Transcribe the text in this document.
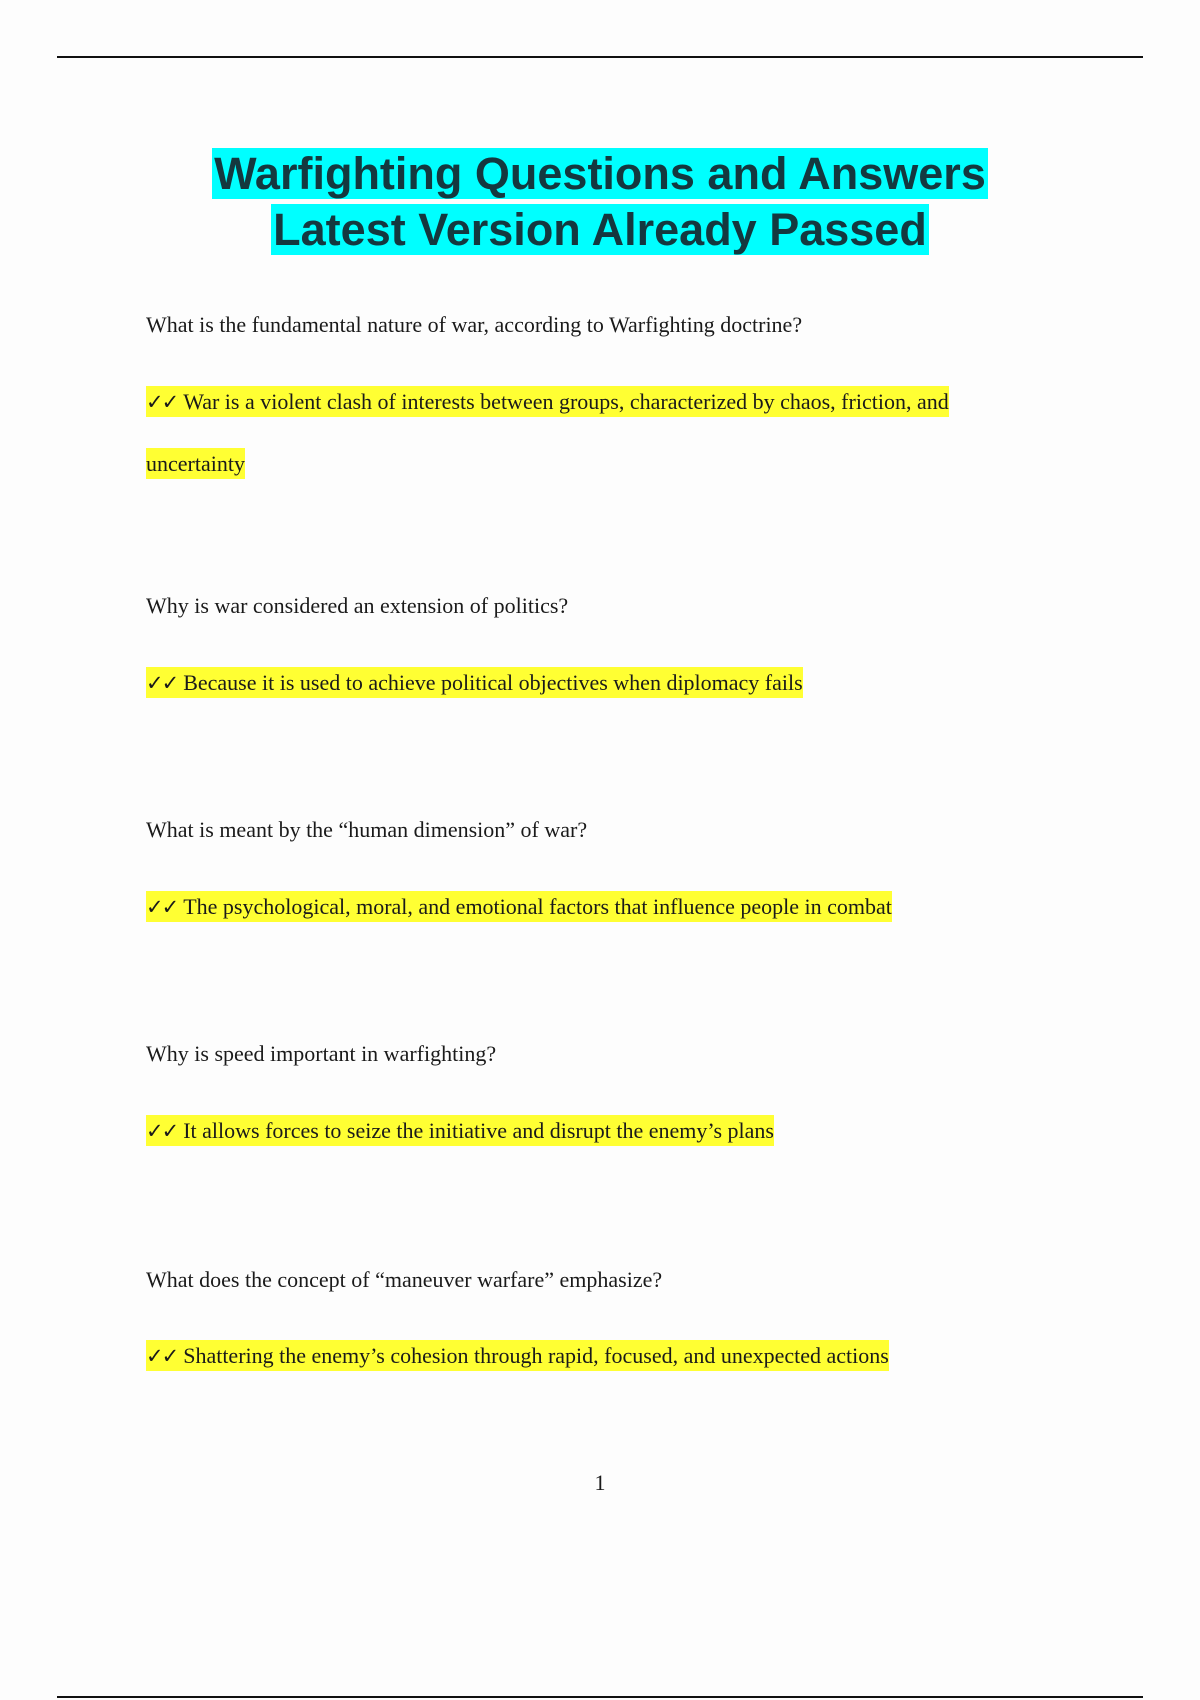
Warfighting Questions and Answers
Latest Version Already Passed
What is the fundamental nature of war, according to Warfighting doctrine?
✓✓ War is a violent clash of interests between groups, characterized by chaos, friction, and uncertainty
Why is war considered an extension of politics?
✓✓ Because it is used to achieve political objectives when diplomacy fails
What is meant by the “human dimension” of war?
✓✓ The psychological, moral, and emotional factors that influence people in combat
Why is speed important in warfighting?
✓✓ It allows forces to seize the initiative and disrupt the enemy’s plans
What does the concept of “maneuver warfare” emphasize?
✓✓ Shattering the enemy’s cohesion through rapid, focused, and unexpected actions
1
